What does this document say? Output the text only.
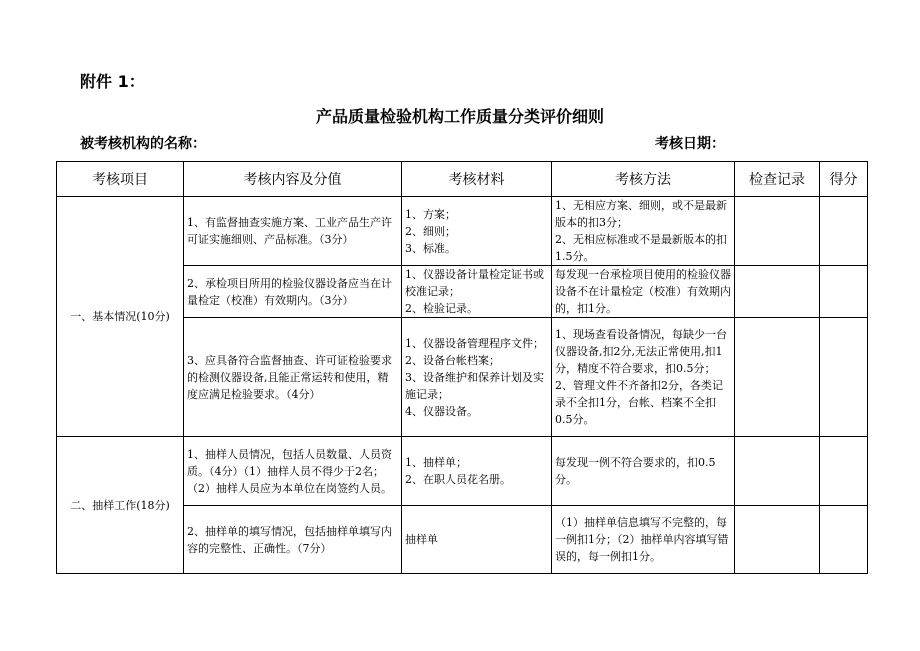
附件 1：
产品质量检验机构工作质量分类评价细则
被考核机构的名称：	考核日期：
考核项目	考核内容及分值	考核材料	考核方法	检查记录	得分
一、基本情况(10分)	1、有监督抽查实施方案、工业产品生产许可证实施细则、产品标准。（3分）	1、方案；
2、细则；
3、标准。	1、无相应方案、细则，或不是最新版本的扣3分；
2、无相应标准或不是最新版本的扣1.5分。		
	2、承检项目所用的检验仪器设备应当在计量检定（校准）有效期内。（3分）	1、仪器设备计量检定证书或校准记录；
2、检验记录。	每发现一台承检项目使用的检验仪器设备不在计量检定（校准）有效期内的，扣1分。		
	3、应具备符合监督抽查、许可证检验要求的检测仪器设备,且能正常运转和使用，精度应满足检验要求。（4分）	1、仪器设备管理程序文件；
2、设备台帐档案；
3、设备维护和保养计划及实施记录；
4、仪器设备。	1、现场查看设备情况，每缺少一台仪器设备,扣2分,无法正常使用,扣1分，精度不符合要求，扣0.5分；
2、管理文件不齐备扣2分，各类记录不全扣1分，台帐、档案不全扣0.5分。		
二、抽样工作(18分)	1、抽样人员情况，包括人员数量、人员资质。（4分）（1）抽样人员不得少于2名；（2）抽样人员应为本单位在岗签约人员。	1、抽样单；
2、在职人员花名册。	每发现一例不符合要求的，扣0.5分。		
	2、抽样单的填写情况，包括抽样单填写内容的完整性、正确性。（7分）	抽样单	（1）抽样单信息填写不完整的，每一例扣1分；（2）抽样单内容填写错误的，每一例扣1分。		
